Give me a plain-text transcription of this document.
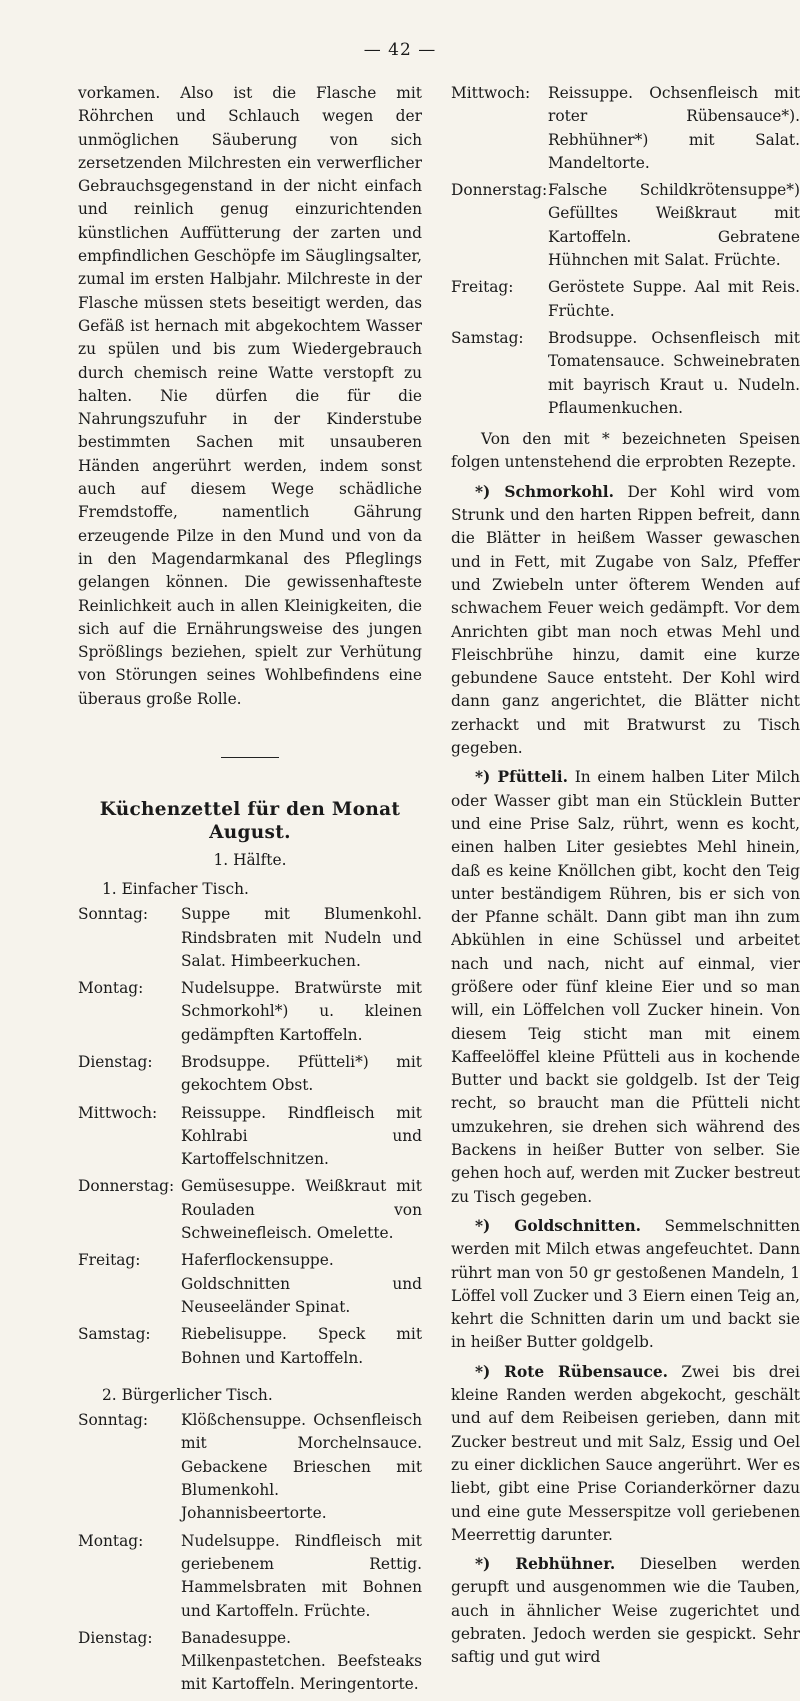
— 42 —

vorkamen. Also ist die Flasche mit Röhrchen und Schlauch wegen der unmöglichen Säuberung von sich zersetzenden Milchresten ein verwerflicher Gebrauchsgegenstand in der nicht einfach und reinlich genug einzurichtenden künstlichen Auffütterung der zarten und empfindlichen Geschöpfe im Säuglingsalter, zumal im ersten Halbjahr. Milchreste in der Flasche müssen stets beseitigt werden, das Gefäß ist hernach mit abgekochtem Wasser zu spülen und bis zum Wiedergebrauch durch chemisch reine Watte verstopft zu halten. Nie dürfen die für die Nahrungszufuhr in der Kinderstube bestimmten Sachen mit unsauberen Händen angerührt werden, indem sonst auch auf diesem Wege schädliche Fremdstoffe, namentlich Gährung erzeugende Pilze in den Mund und von da in den Magendarmkanal des Pfleglings gelangen können. Die gewissenhafteste Reinlichkeit auch in allen Kleinigkeiten, die sich auf die Ernährungsweise des jungen Sprößlings beziehen, spielt zur Verhütung von Störungen seines Wohlbefindens eine überaus große Rolle.

Küchenzettel für den Monat August.
1. Hälfte.
1. Einfacher Tisch.
Sonntag:	Suppe mit Blumenkohl. Rindsbraten mit Nudeln und Salat. Himbeerkuchen.
Montag:	Nudelsuppe. Bratwürste mit Schmorkohl*) u. kleinen gedämpften Kartoffeln.
Dienstag:	Brodsuppe. Pfütteli*) mit gekochtem Obst.
Mittwoch:	Reissuppe. Rindfleisch mit Kohlrabi und Kartoffelschnitzen.
Donnerstag: Gemüsesuppe. Weißkraut mit Rouladen von Schweinefleisch. Omelette.
Freitag:	Haferflockensuppe. Goldschnitten und Neuseeländer Spinat.
Samstag:	Riebelisuppe. Speck mit Bohnen und Kartoffeln.
2. Bürgerlicher Tisch.
Sonntag:	Klößchensuppe. Ochsenfleisch mit Morchelnsauce. Gebackene Brieschen mit Blumenkohl. Johannisbeertorte.
Montag:	Nudelsuppe. Rindfleisch mit geriebenem Rettig. Hammelsbraten mit Bohnen und Kartoffeln. Früchte.
Dienstag:	Banadesuppe. Milkenpastetchen. Beefsteaks mit Kartoffeln. Meringentorte.
Mittwoch:	Reissuppe. Ochsenfleisch mit roter Rübensauce*). Rebhühner*) mit Salat. Mandeltorte.
Donnerstag: Falsche Schildkrötensuppe*) Gefülltes Weißkraut mit Kartoffeln. Gebratene Hühnchen mit Salat. Früchte.
Freitag:	Geröstete Suppe. Aal mit Reis. Früchte.
Samstag:	Brodsuppe. Ochsenfleisch mit Tomatensauce. Schweinebraten mit bayrisch Kraut u. Nudeln. Pflaumenkuchen.

Von den mit * bezeichneten Speisen folgen untenstehend die erprobten Rezepte.

*) Schmorkohl. Der Kohl wird vom Strunk und den harten Rippen befreit, dann die Blätter in heißem Wasser gewaschen und in Fett, mit Zugabe von Salz, Pfeffer und Zwiebeln unter öfterem Wenden auf schwachem Feuer weich gedämpft. Vor dem Anrichten gibt man noch etwas Mehl und Fleischbrühe hinzu, damit eine kurze gebundene Sauce entsteht. Der Kohl wird dann ganz angerichtet, die Blätter nicht zerhackt und mit Bratwurst zu Tisch gegeben.

*) Pfütteli. In einem halben Liter Milch oder Wasser gibt man ein Stücklein Butter und eine Prise Salz, rührt, wenn es kocht, einen halben Liter gesiebtes Mehl hinein, daß es keine Knöllchen gibt, kocht den Teig unter beständigem Rühren, bis er sich von der Pfanne schält. Dann gibt man ihn zum Abkühlen in eine Schüssel und arbeitet nach und nach, nicht auf einmal, vier größere oder fünf kleine Eier und so man will, ein Löffelchen voll Zucker hinein. Von diesem Teig sticht man mit einem Kaffeelöffel kleine Pfütteli aus in kochende Butter und backt sie goldgelb. Ist der Teig recht, so braucht man die Pfütteli nicht umzukehren, sie drehen sich während des Backens in heißer Butter von selber. Sie gehen hoch auf, werden mit Zucker bestreut zu Tisch gegeben.

*) Goldschnitten. Semmelschnitten werden mit Milch etwas angefeuchtet. Dann rührt man von 50 gr gestoßenen Mandeln, 1 Löffel voll Zucker und 3 Eiern einen Teig an, kehrt die Schnitten darin um und backt sie in heißer Butter goldgelb.

*) Rote Rübensauce. Zwei bis drei kleine Randen werden abgekocht, geschält und auf dem Reibeisen gerieben, dann mit Zucker bestreut und mit Salz, Essig und Oel zu einer dicklichen Sauce angerührt. Wer es liebt, gibt eine Prise Corianderkörner dazu und eine gute Messerspitze voll geriebenen Meerrettig darunter.

*) Rebhühner. Dieselben werden gerupft und ausgenommen wie die Tauben, auch in ähnlicher Weise zugerichtet und gebraten. Jedoch werden sie gespickt. Sehr saftig und gut wird
